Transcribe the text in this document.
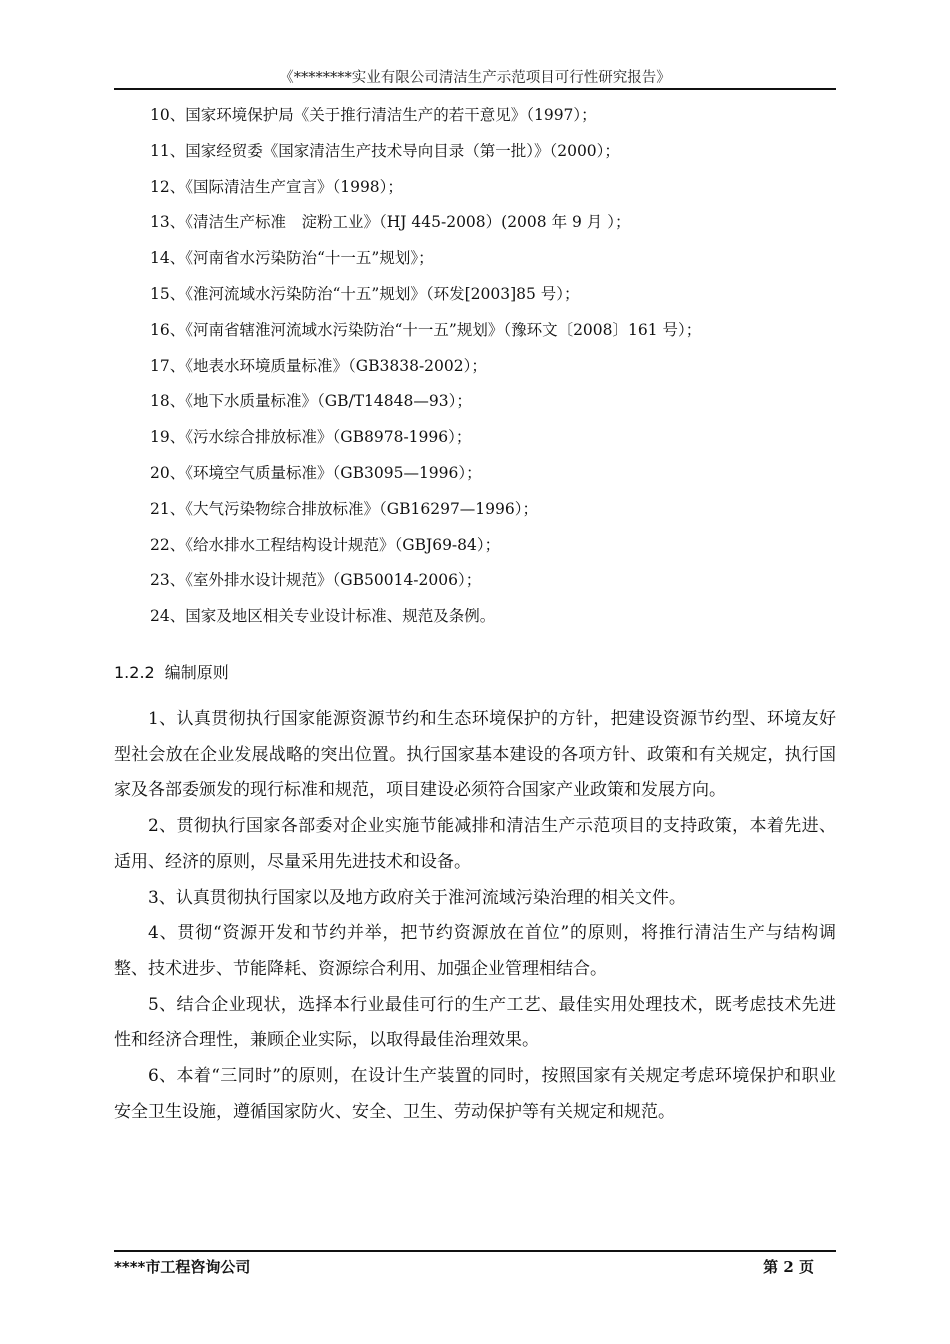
《********实业有限公司清洁生产示范项目可行性研究报告》
10、国家环境保护局《关于推行清洁生产的若干意见》（1997）；
11、国家经贸委《国家清洁生产技术导向目录（第一批）》（2000）；
12、《国际清洁生产宣言》（1998）；
13、《清洁生产标准　淀粉工业》（HJ 445-2008）(2008 年 9 月 ）；
14、《河南省水污染防治“十一五”规划》；
15、《淮河流域水污染防治“十五”规划》（环发[2003]85 号）；
16、《河南省辖淮河流域水污染防治“十一五”规划》（豫环文〔2008〕161 号）；
17、《地表水环境质量标准》（GB3838-2002）；
18、《地下水质量标准》（GB/T14848—93）；
19、《污水综合排放标准》（GB8978-1996）；
20、《环境空气质量标准》（GB3095—1996）；
21、《大气污染物综合排放标准》（GB16297—1996）；
22、《给水排水工程结构设计规范》（GBJ69-84）；
23、《室外排水设计规范》（GB50014-2006）；
24、国家及地区相关专业设计标准、规范及条例。
1.2.2 编制原则

1、认真贯彻执行国家能源资源节约和生态环境保护的方针，把建设资源节约型、环境友好型社会放在企业发展战略的突出位置。执行国家基本建设的各项方针、政策和有关规定，执行国家及各部委颁发的现行标准和规范，项目建设必须符合国家产业政策和发展方向。

2、贯彻执行国家各部委对企业实施节能减排和清洁生产示范项目的支持政策，本着先进、适用、经济的原则，尽量采用先进技术和设备。

3、认真贯彻执行国家以及地方政府关于淮河流域污染治理的相关文件。

4、贯彻“资源开发和节约并举，把节约资源放在首位”的原则，将推行清洁生产与结构调整、技术进步、节能降耗、资源综合利用、加强企业管理相结合。

5、结合企业现状，选择本行业最佳可行的生产工艺、最佳实用处理技术，既考虑技术先进性和经济合理性，兼顾企业实际，以取得最佳治理效果。

6、本着“三同时”的原则，在设计生产装置的同时，按照国家有关规定考虑环境保护和职业安全卫生设施，遵循国家防火、安全、卫生、劳动保护等有关规定和规范。

****市工程咨询公司	第 2 页
